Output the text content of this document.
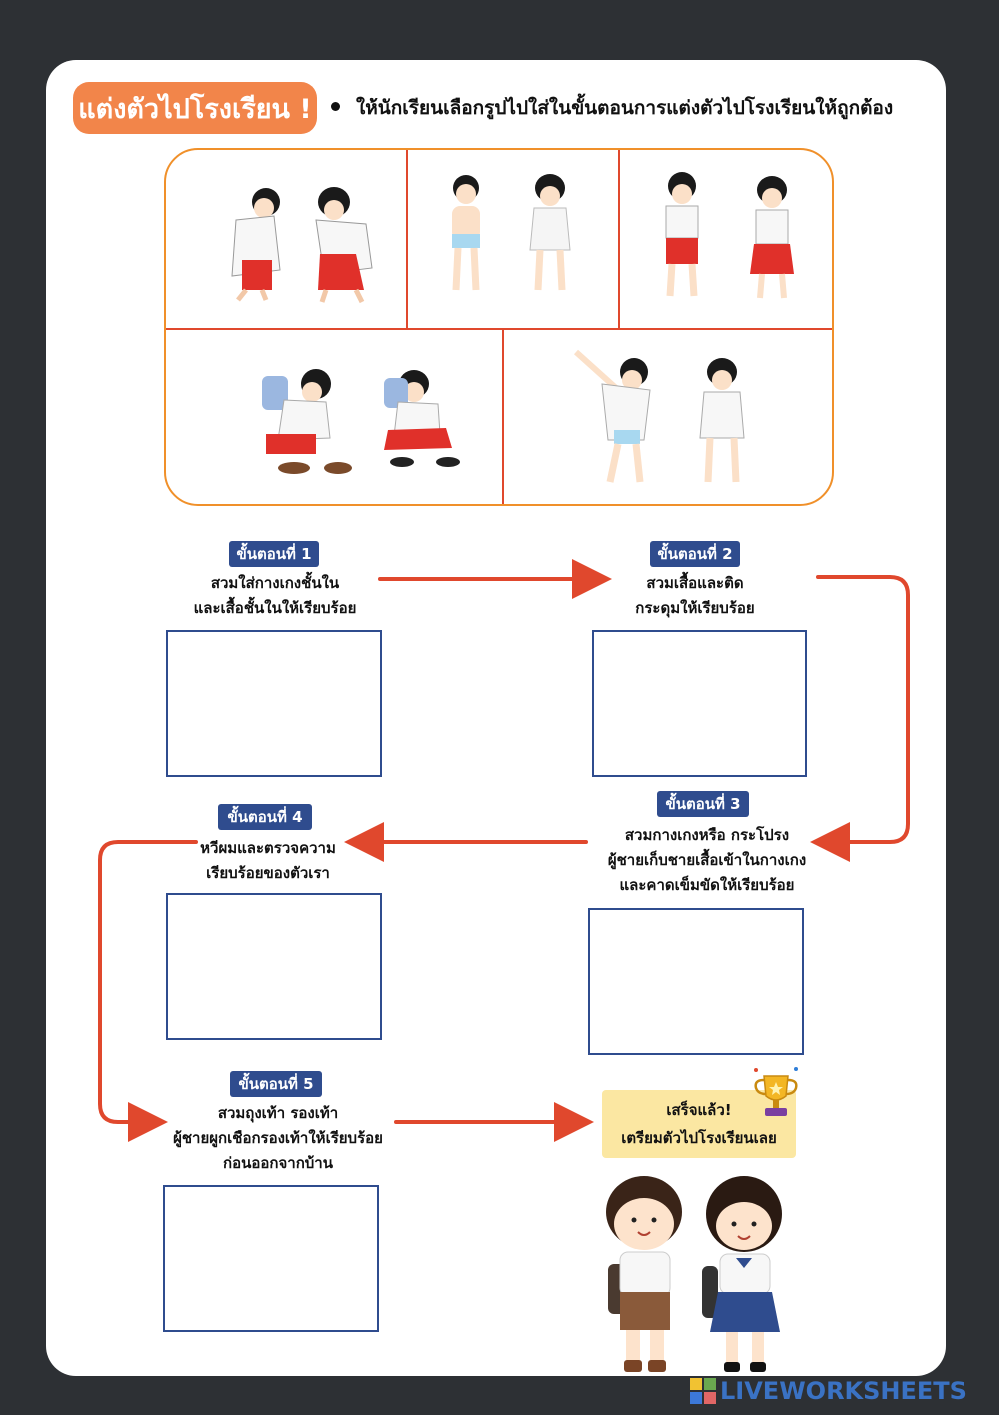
แต่งตัวไปโรงเรียน ! ให้นักเรียนเลือกรูปไปใส่ในขั้นตอนการแต่งตัวไปโรงเรียนให้ถูกต้อง
ขั้นตอนที่ 1
สวมใส่กางเกงชั้นใน
และเสื้อชั้นในให้เรียบร้อย
ขั้นตอนที่ 2
สวมเสื้อและติด
กระดุมให้เรียบร้อย
ขั้นตอนที่ 3
สวมกางเกงหรือ กระโปรง
ผู้ชายเก็บชายเสื้อเข้าในกางเกง
และคาดเข็มขัดให้เรียบร้อย
ขั้นตอนที่ 4
หวีผมและตรวจความ
เรียบร้อยของตัวเรา
ขั้นตอนที่ 5
สวมถุงเท้า รองเท้า
ผู้ชายผูกเชือกรองเท้าให้เรียบร้อย
ก่อนออกจากบ้าน
เสร็จแล้ว!
เตรียมตัวไปโรงเรียนเลย
LIVEWORKSHEETS
